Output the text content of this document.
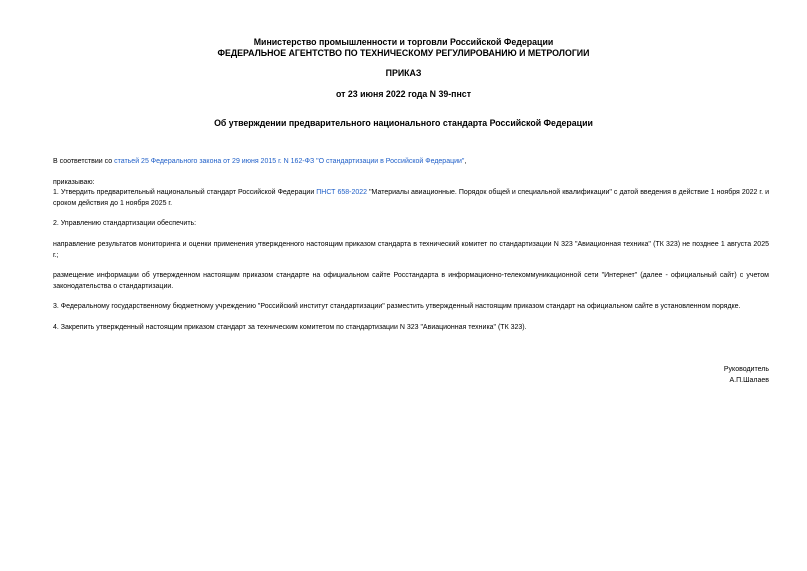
Министерство промышленности и торговли Российской Федерации
ФЕДЕРАЛЬНОЕ АГЕНТСТВО ПО ТЕХНИЧЕСКОМУ РЕГУЛИРОВАНИЮ И МЕТРОЛОГИИ
ПРИКАЗ
от 23 июня 2022 года N 39-пнст
Об утверждении предварительного национального стандарта Российской Федерации
В соответствии со статьей 25 Федерального закона от 29 июня 2015 г. N 162-ФЗ "О стандартизации в Российской Федерации",
приказываю:
1. Утвердить предварительный национальный стандарт Российской Федерации ПНСТ 658-2022 "Материалы авиационные. Порядок общей и специальной квалификации" с датой введения в действие 1 ноября 2022 г. и сроком действия до 1 ноября 2025 г.
2. Управлению стандартизации обеспечить:
направление результатов мониторинга и оценки применения утвержденного настоящим приказом стандарта в технический комитет по стандартизации N 323 "Авиационная техника" (ТК 323) не позднее 1 августа 2025 г.;
размещение информации об утвержденном настоящим приказом стандарте на официальном сайте Росстандарта в информационно-телекоммуникационной сети "Интернет" (далее - официальный сайт) с учетом законодательства о стандартизации.
3. Федеральному государственному бюджетному учреждению "Российский институт стандартизации" разместить утвержденный настоящим приказом стандарт на официальном сайте в установленном порядке.
4. Закрепить утвержденный настоящим приказом стандарт за техническим комитетом по стандартизации N 323 "Авиационная техника" (ТК 323).
Руководитель
А.П.Шалаев
